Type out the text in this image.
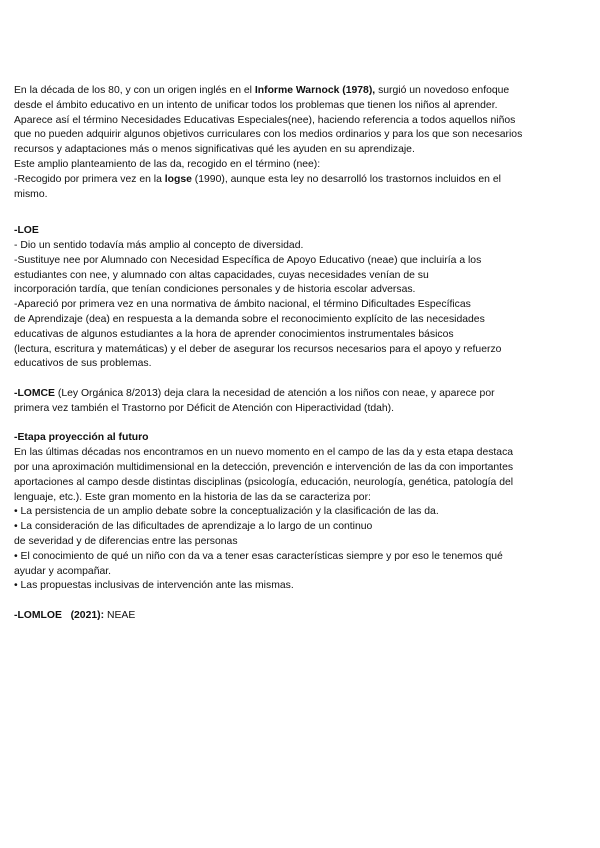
En la década de los 80, y con un origen inglés en el Informe Warnock (1978), surgió un novedoso enfoque
desde el ámbito educativo en un intento de unificar todos los problemas que tienen los niños al aprender.
Aparece así el término Necesidades Educativas Especiales(nee), haciendo referencia a todos aquellos niños
que no pueden adquirir algunos objetivos curriculares con los medios ordinarios y para los que son necesarios
recursos y adaptaciones más o menos significativas qué les ayuden en su aprendizaje.
Este amplio planteamiento de las da, recogido en el término (nee):
-Recogido por primera vez en la logse (1990), aunque esta ley no desarrolló los trastornos incluidos en el
mismo.
-LOE
- Dio un sentido todavía más amplio al concepto de diversidad.
-Sustituye nee por Alumnado con Necesidad Específica de Apoyo Educativo (neae) que incluiría a los
estudiantes con nee, y alumnado con altas capacidades, cuyas necesidades venían de su
incorporación tardía, que tenían condiciones personales y de historia escolar adversas.
-Apareció por primera vez en una normativa de ámbito nacional, el término Dificultades Específicas
de Aprendizaje (dea) en respuesta a la demanda sobre el reconocimiento explícito de las necesidades
educativas de algunos estudiantes a la hora de aprender conocimientos instrumentales básicos
(lectura, escritura y matemáticas) y el deber de asegurar los recursos necesarios para el apoyo y refuerzo
educativos de sus problemas.
-LOMCE (Ley Orgánica 8/2013) deja clara la necesidad de atención a los niños con neae, y aparece por
primera vez también el Trastorno por Déficit de Atención con Hiperactividad (tdah).
-Etapa proyección al futuro
En las últimas décadas nos encontramos en un nuevo momento en el campo de las da y esta etapa destaca
por una aproximación multidimensional en la detección, prevención e intervención de las da con importantes
aportaciones al campo desde distintas disciplinas (psicología, educación, neurología, genética, patología del
lenguaje, etc.). Este gran momento en la historia de las da se caracteriza por:
• La persistencia de un amplio debate sobre la conceptualización y la clasificación de las da.
• La consideración de las dificultades de aprendizaje a lo largo de un continuo
de severidad y de diferencias entre las personas
• El conocimiento de qué un niño con da va a tener esas características siempre y por eso le tenemos qué
ayudar y acompañar.
• Las propuestas inclusivas de intervención ante las mismas.
-LOMLOE   (2021): NEAE
